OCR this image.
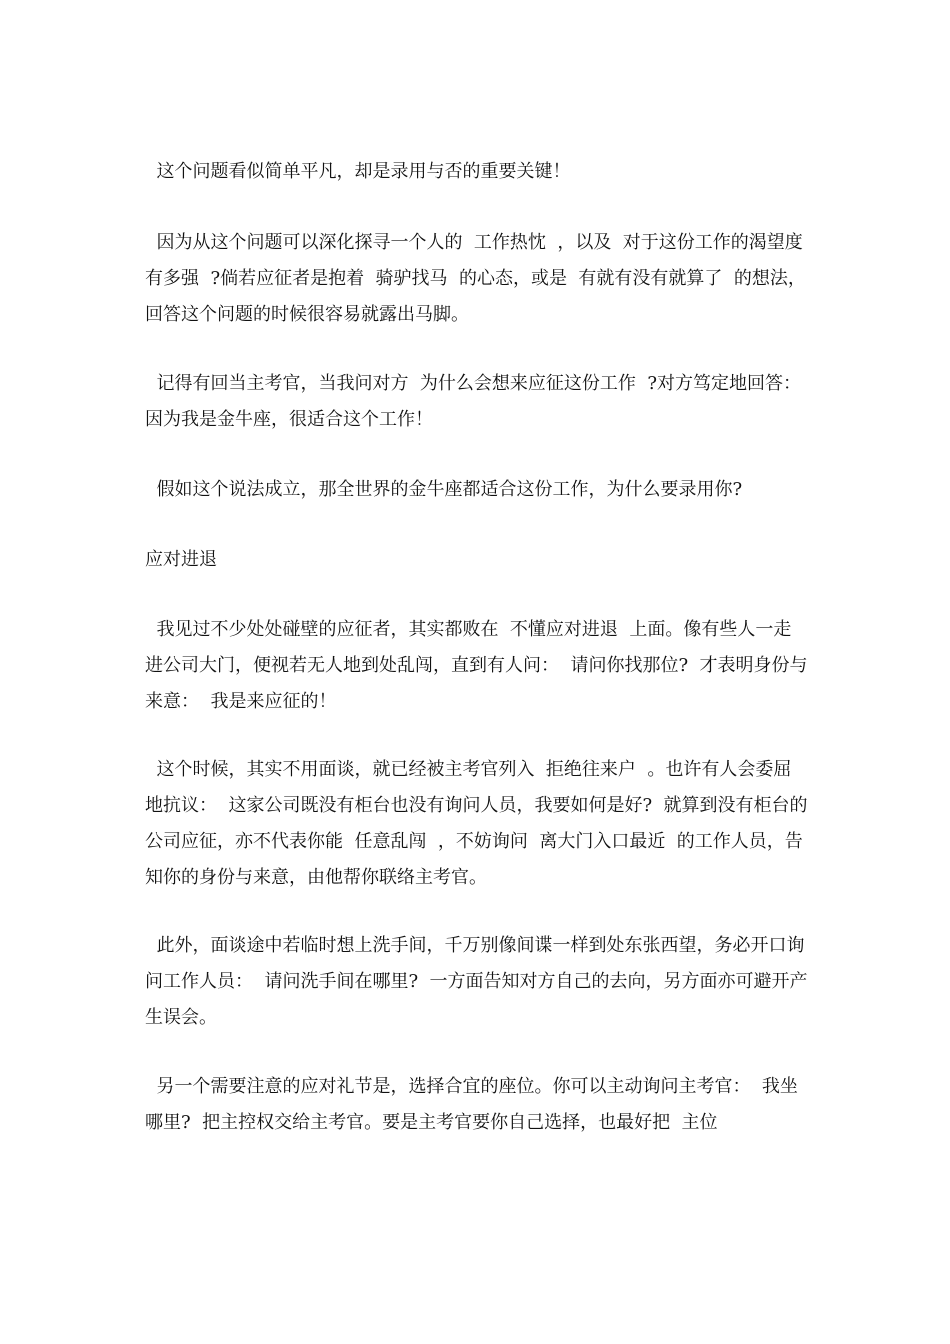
这个问题看似简单平凡，却是录用与否的重要关键！

因为从这个问题可以深化探寻一个人的  工作热忱  ，以及  对于这份工作的渴望度有多强  ?倘若应征者是抱着  骑驴找马  的心态，或是  有就有没有就算了  的想法，回答这个问题的时候很容易就露出马脚。

记得有回当主考官，当我问对方  为什么会想来应征这份工作  ?对方笃定地回答：  因为我是金牛座，很适合这个工作！

假如这个说法成立，那全世界的金牛座都适合这份工作，为什么要录用你?

应对进退

我见过不少处处碰壁的应征者，其实都败在  不懂应对进退  上面。像有些人一走进公司大门，便视若无人地到处乱闯，直到有人问：  请问你找那位?  才表明身份与来意：  我是来应征的！

这个时候，其实不用面谈，就已经被主考官列入  拒绝往来户  。也许有人会委屈地抗议：  这家公司既没有柜台也没有询问人员，我要如何是好?  就算到没有柜台的公司应征，亦不代表你能  任意乱闯  ，不妨询问  离大门入口最近  的工作人员，告知你的身份与来意，由他帮你联络主考官。

此外，面谈途中若临时想上洗手间，千万别像间谍一样到处东张西望，务必开口询问工作人员：  请问洗手间在哪里?  一方面告知对方自己的去向，另方面亦可避开产生误会。

另一个需要注意的应对礼节是，选择合宜的座位。你可以主动询问主考官：  我坐哪里?  把主控权交给主考官。要是主考官要你自己选择，也最好把  主位
